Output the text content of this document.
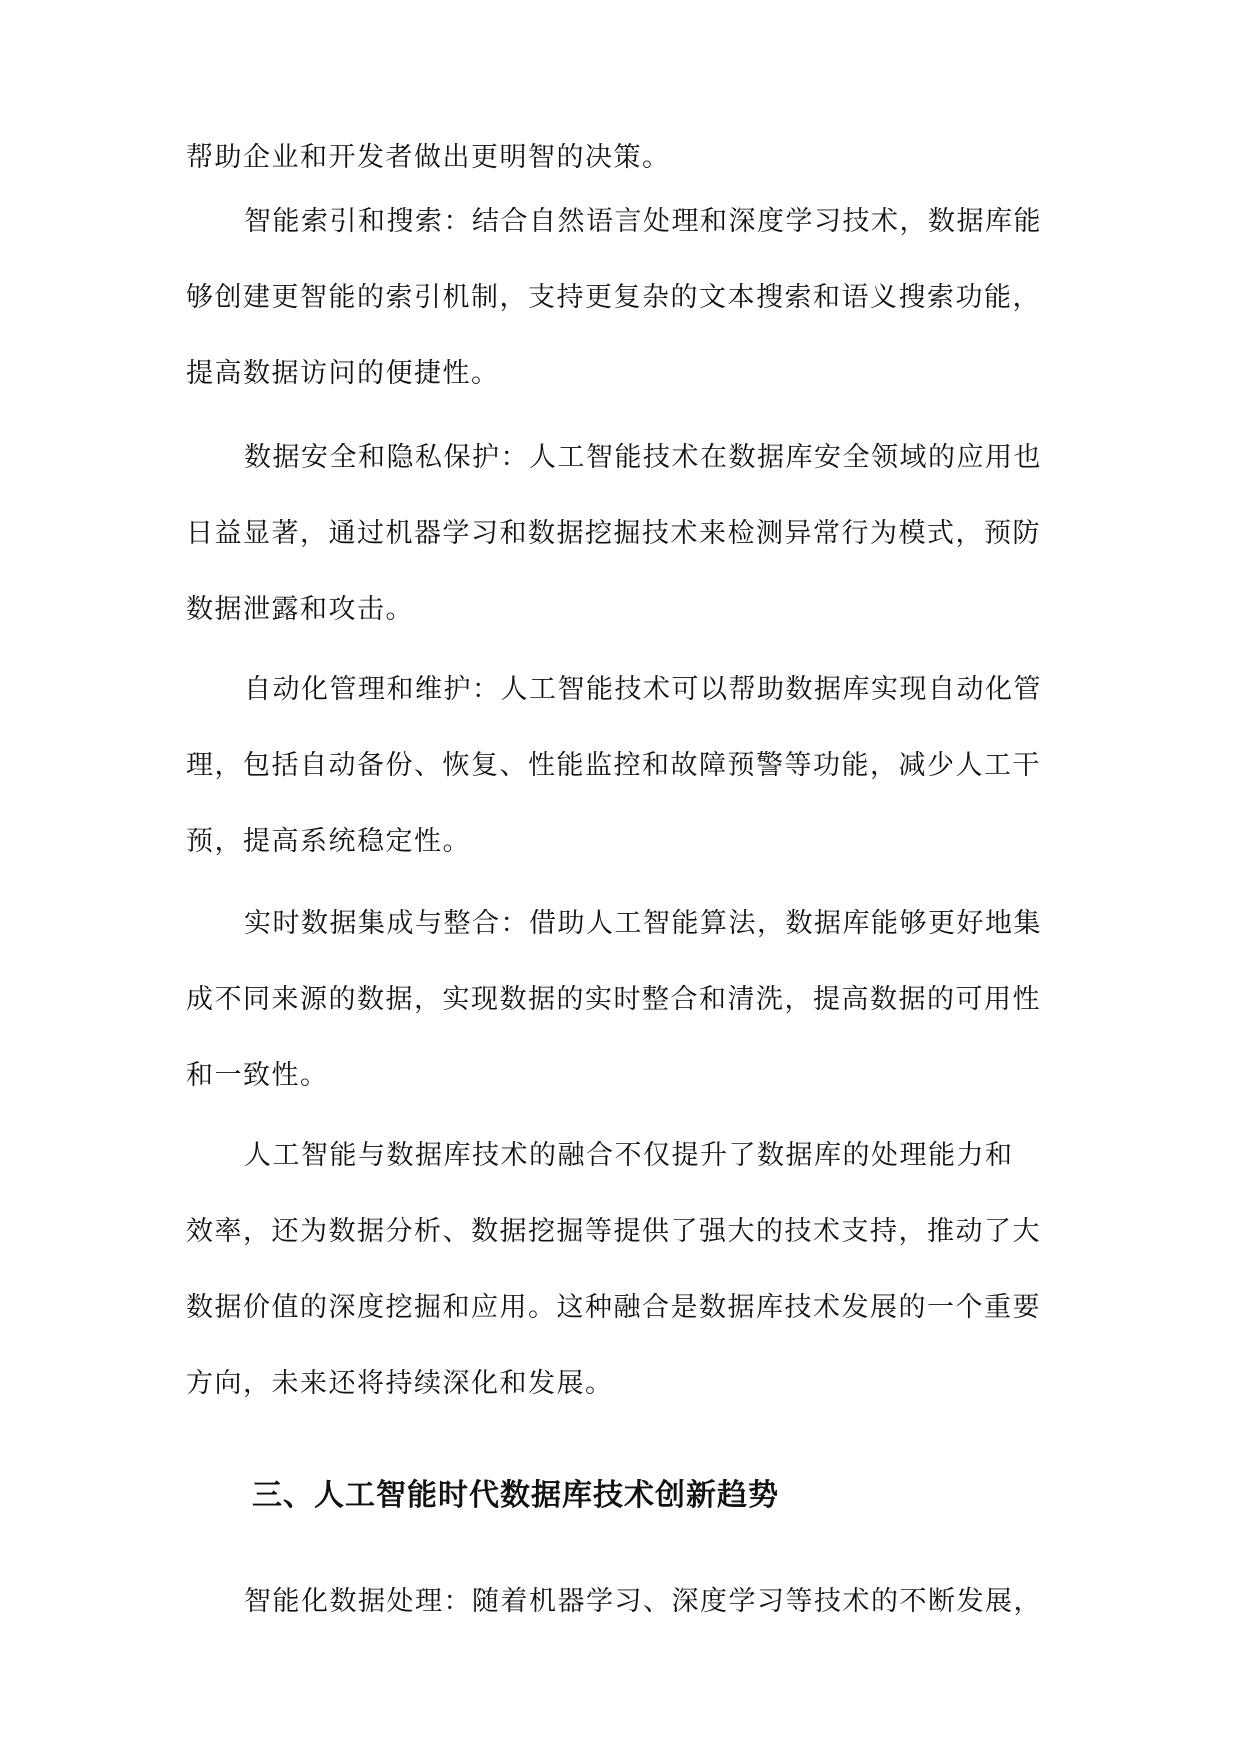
帮助企业和开发者做出更明智的决策。

智能索引和搜索：结合自然语言处理和深度学习技术，数据库能
够创建更智能的索引机制，支持更复杂的文本搜索和语义搜索功能，
提高数据访问的便捷性。

数据安全和隐私保护：人工智能技术在数据库安全领域的应用也
日益显著，通过机器学习和数据挖掘技术来检测异常行为模式，预防
数据泄露和攻击。

自动化管理和维护：人工智能技术可以帮助数据库实现自动化管
理，包括自动备份、恢复、性能监控和故障预警等功能，减少人工干
预，提高系统稳定性。

实时数据集成与整合：借助人工智能算法，数据库能够更好地集
成不同来源的数据，实现数据的实时整合和清洗，提高数据的可用性
和一致性。

人工智能与数据库技术的融合不仅提升了数据库的处理能力和
效率，还为数据分析、数据挖掘等提供了强大的技术支持，推动了大
数据价值的深度挖掘和应用。这种融合是数据库技术发展的一个重要
方向，未来还将持续深化和发展。

三、人工智能时代数据库技术创新趋势

智能化数据处理：随着机器学习、深度学习等技术的不断发展，
